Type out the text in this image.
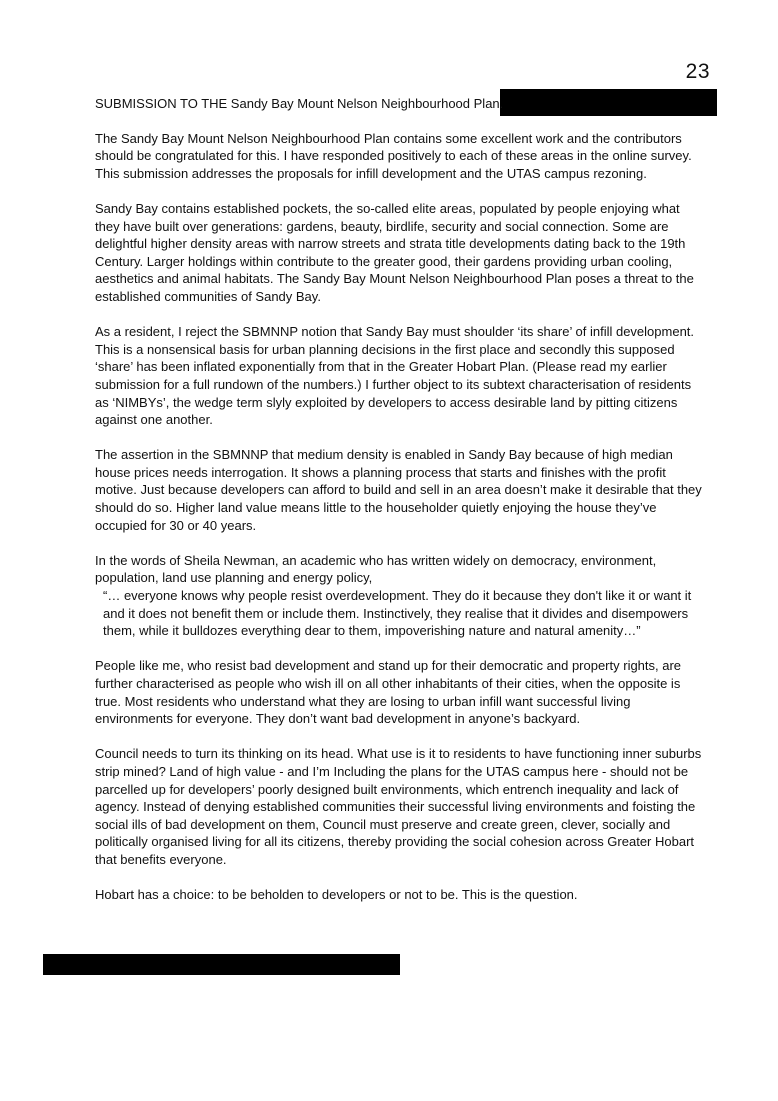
23
SUBMISSION TO THE Sandy Bay Mount Nelson Neighbourhood Plan.

The Sandy Bay Mount Nelson Neighbourhood Plan contains some excellent work and the contributors should be congratulated for this. I have responded positively to each of these areas in the online survey. This submission addresses the proposals for infill development and the UTAS campus rezoning.

Sandy Bay contains established pockets, the so-called elite areas, populated by people enjoying what they have built over generations: gardens, beauty, birdlife, security and social connection. Some are delightful higher density areas with narrow streets and strata title developments dating back to the 19th Century. Larger holdings within contribute to the greater good, their gardens providing urban cooling, aesthetics and animal habitats. The Sandy Bay Mount Nelson Neighbourhood Plan poses a threat to the established communities of Sandy Bay.

As a resident, I reject the SBMNNP notion that Sandy Bay must shoulder ‘its share’ of infill development. This is a nonsensical basis for urban planning decisions in the first place and secondly this supposed ‘share’ has been inflated exponentially from that in the Greater Hobart Plan. (Please read my earlier submission for a full rundown of the numbers.) I further object to its subtext characterisation of residents as ‘NIMBYs’, the wedge term slyly exploited by developers to access desirable land by pitting citizens against one another.

The assertion in the SBMNNP that medium density is enabled in Sandy Bay because of high median house prices needs interrogation. It shows a planning process that starts and finishes with the profit motive. Just because developers can afford to build and sell in an area doesn’t make it desirable that they should do so. Higher land value means little to the householder quietly enjoying the house they’ve occupied for 30 or 40 years.

In the words of Sheila Newman, an academic who has written widely on democracy, environment, population, land use planning and energy policy,
“… everyone knows why people resist overdevelopment. They do it because they don't like it or want it and it does not benefit them or include them. Instinctively, they realise that it divides and disempowers them, while it bulldozes everything dear to them, impoverishing nature and natural amenity…”

People like me, who resist bad development and stand up for their democratic and property rights, are further characterised as people who wish ill on all other inhabitants of their cities, when the opposite is true. Most residents who understand what they are losing to urban infill want successful living environments for everyone. They don’t want bad development in anyone’s backyard.

Council needs to turn its thinking on its head. What use is it to residents to have functioning inner suburbs strip mined? Land of high value - and I’m Including the plans for the UTAS campus here - should not be parcelled up for developers’ poorly designed built environments, which entrench inequality and lack of agency. Instead of denying established communities their successful living environments and foisting the social ills of bad development on them, Council must preserve and create green, clever, socially and politically organised living for all its citizens, thereby providing the social cohesion across Greater Hobart that benefits everyone.

Hobart has a choice: to be beholden to developers or not to be. This is the question.
